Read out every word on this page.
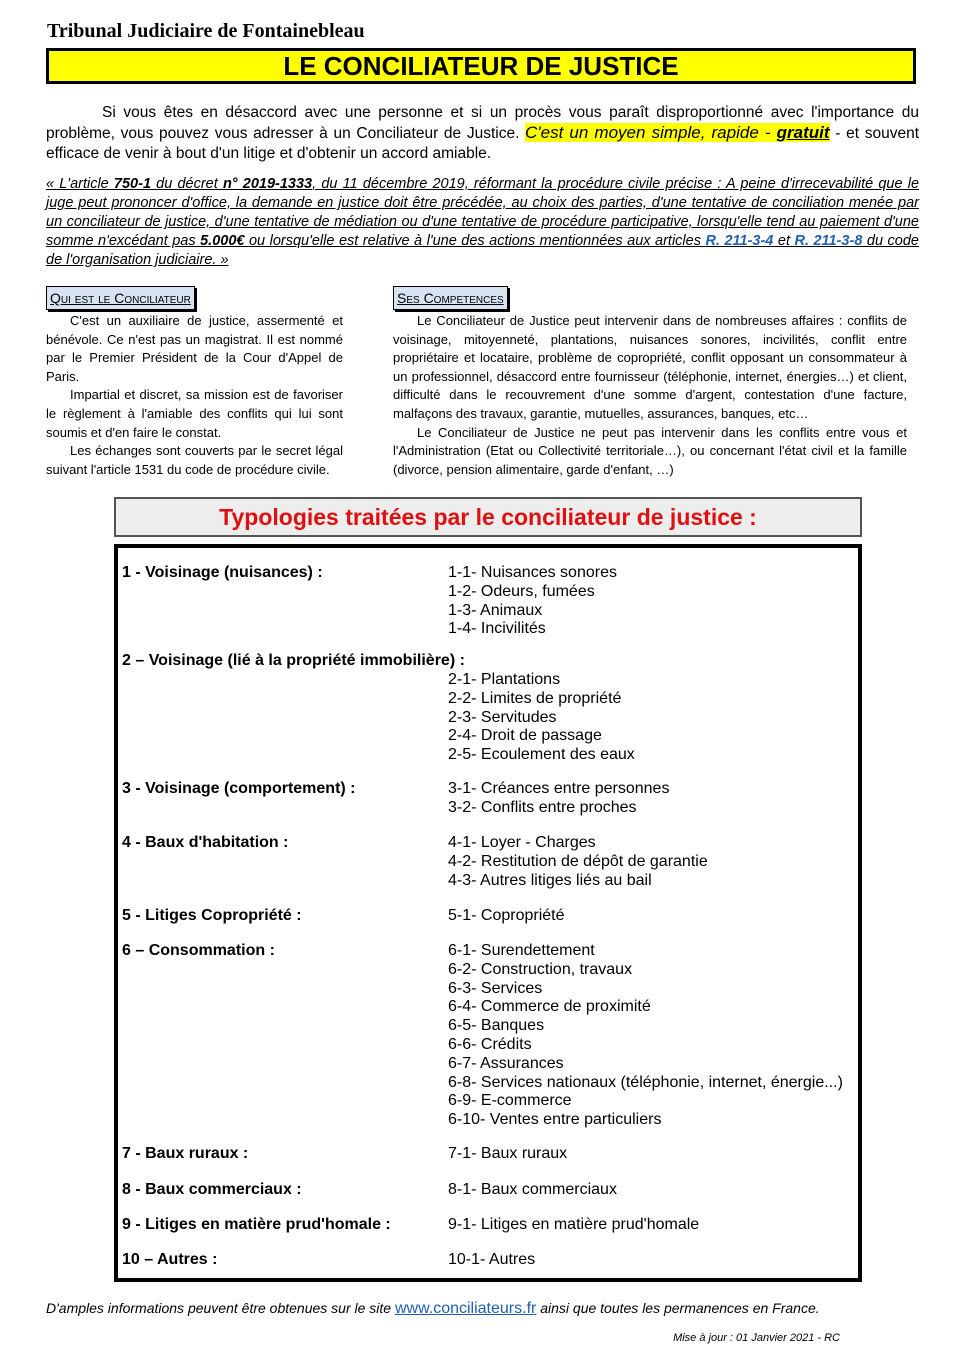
Tribunal Judiciaire de Fontainebleau
LE CONCILIATEUR DE JUSTICE
Si vous êtes en désaccord avec une personne et si un procès vous paraît disproportionné avec l'importance du problème, vous pouvez vous adresser à un Conciliateur de Justice. C'est un moyen simple, rapide - gratuit - et souvent efficace de venir à bout d'un litige et d'obtenir un accord amiable.
« L'article 750-1 du décret n° 2019-1333, du 11 décembre 2019, réformant la procédure civile précise : A peine d'irrecevabilité que le juge peut prononcer d'office, la demande en justice doit être précédée, au choix des parties, d'une tentative de conciliation menée par un conciliateur de justice, d'une tentative de médiation ou d'une tentative de procédure participative, lorsqu'elle tend au paiement d'une somme n'excédant pas 5.000€ ou lorsqu'elle est relative à l'une des actions mentionnées aux articles R. 211-3-4 et R. 211-3-8 du code de l'organisation judiciaire. »
Qui est le Conciliateur

C'est un auxiliaire de justice, assermenté et bénévole. Ce n'est pas un magistrat. Il est nommé par le Premier Président de la Cour d'Appel de Paris.

Impartial et discret, sa mission est de favoriser le règlement à l'amiable des conflits qui lui sont soumis et d'en faire le constat.

Les échanges sont couverts par le secret légal suivant l'article 1531 du code de procédure civile.

Ses Competences

Le Conciliateur de Justice peut intervenir dans de nombreuses affaires : conflits de voisinage, mitoyenneté, plantations, nuisances sonores, incivilités, conflit entre propriétaire et locataire, problème de copropriété, conflit opposant un consommateur à un professionnel, désaccord entre fournisseur (téléphonie, internet, énergies…) et client, difficulté dans le recouvrement d'une somme d'argent, contestation d'une facture, malfaçons des travaux, garantie, mutuelles, assurances, banques, etc…

Le Conciliateur de Justice ne peut pas intervenir dans les conflits entre vous et l'Administration (Etat ou Collectivité territoriale…), ou concernant l'état civil et la famille (divorce, pension alimentaire, garde d'enfant, …)

Typologies traitées par le conciliateur de justice :
1 - Voisinage (nuisances) :	1-1- Nuisances sonores
1-2- Odeurs, fumées
1-3- Animaux
1-4- Incivilités
2 – Voisinage (lié à la propriété immobilière) :
2-1- Plantations
2-2- Limites de propriété
2-3- Servitudes
2-4- Droit de passage
2-5- Ecoulement des eaux
3 - Voisinage (comportement) :	3-1- Créances entre personnes
3-2- Conflits entre proches
4 - Baux d'habitation :	4-1- Loyer - Charges
4-2- Restitution de dépôt de garantie
4-3- Autres litiges liés au bail
5 - Litiges Copropriété :	5-1- Copropriété
6 – Consommation :	6-1- Surendettement
6-2- Construction, travaux
6-3- Services
6-4- Commerce de proximité
6-5- Banques
6-6- Crédits
6-7- Assurances
6-8- Services nationaux (téléphonie, internet, énergie...)
6-9- E-commerce
6-10- Ventes entre particuliers
7 - Baux ruraux :	7-1- Baux ruraux
8 - Baux commerciaux :	8-1- Baux commerciaux
9 - Litiges en matière prud'homale :	9-1- Litiges en matière prud'homale
10 – Autres :	10-1- Autres
D'amples informations peuvent être obtenues sur le site www.conciliateurs.fr ainsi que toutes les permanences en France.
Mise à jour : 01 Janvier 2021 - RC
